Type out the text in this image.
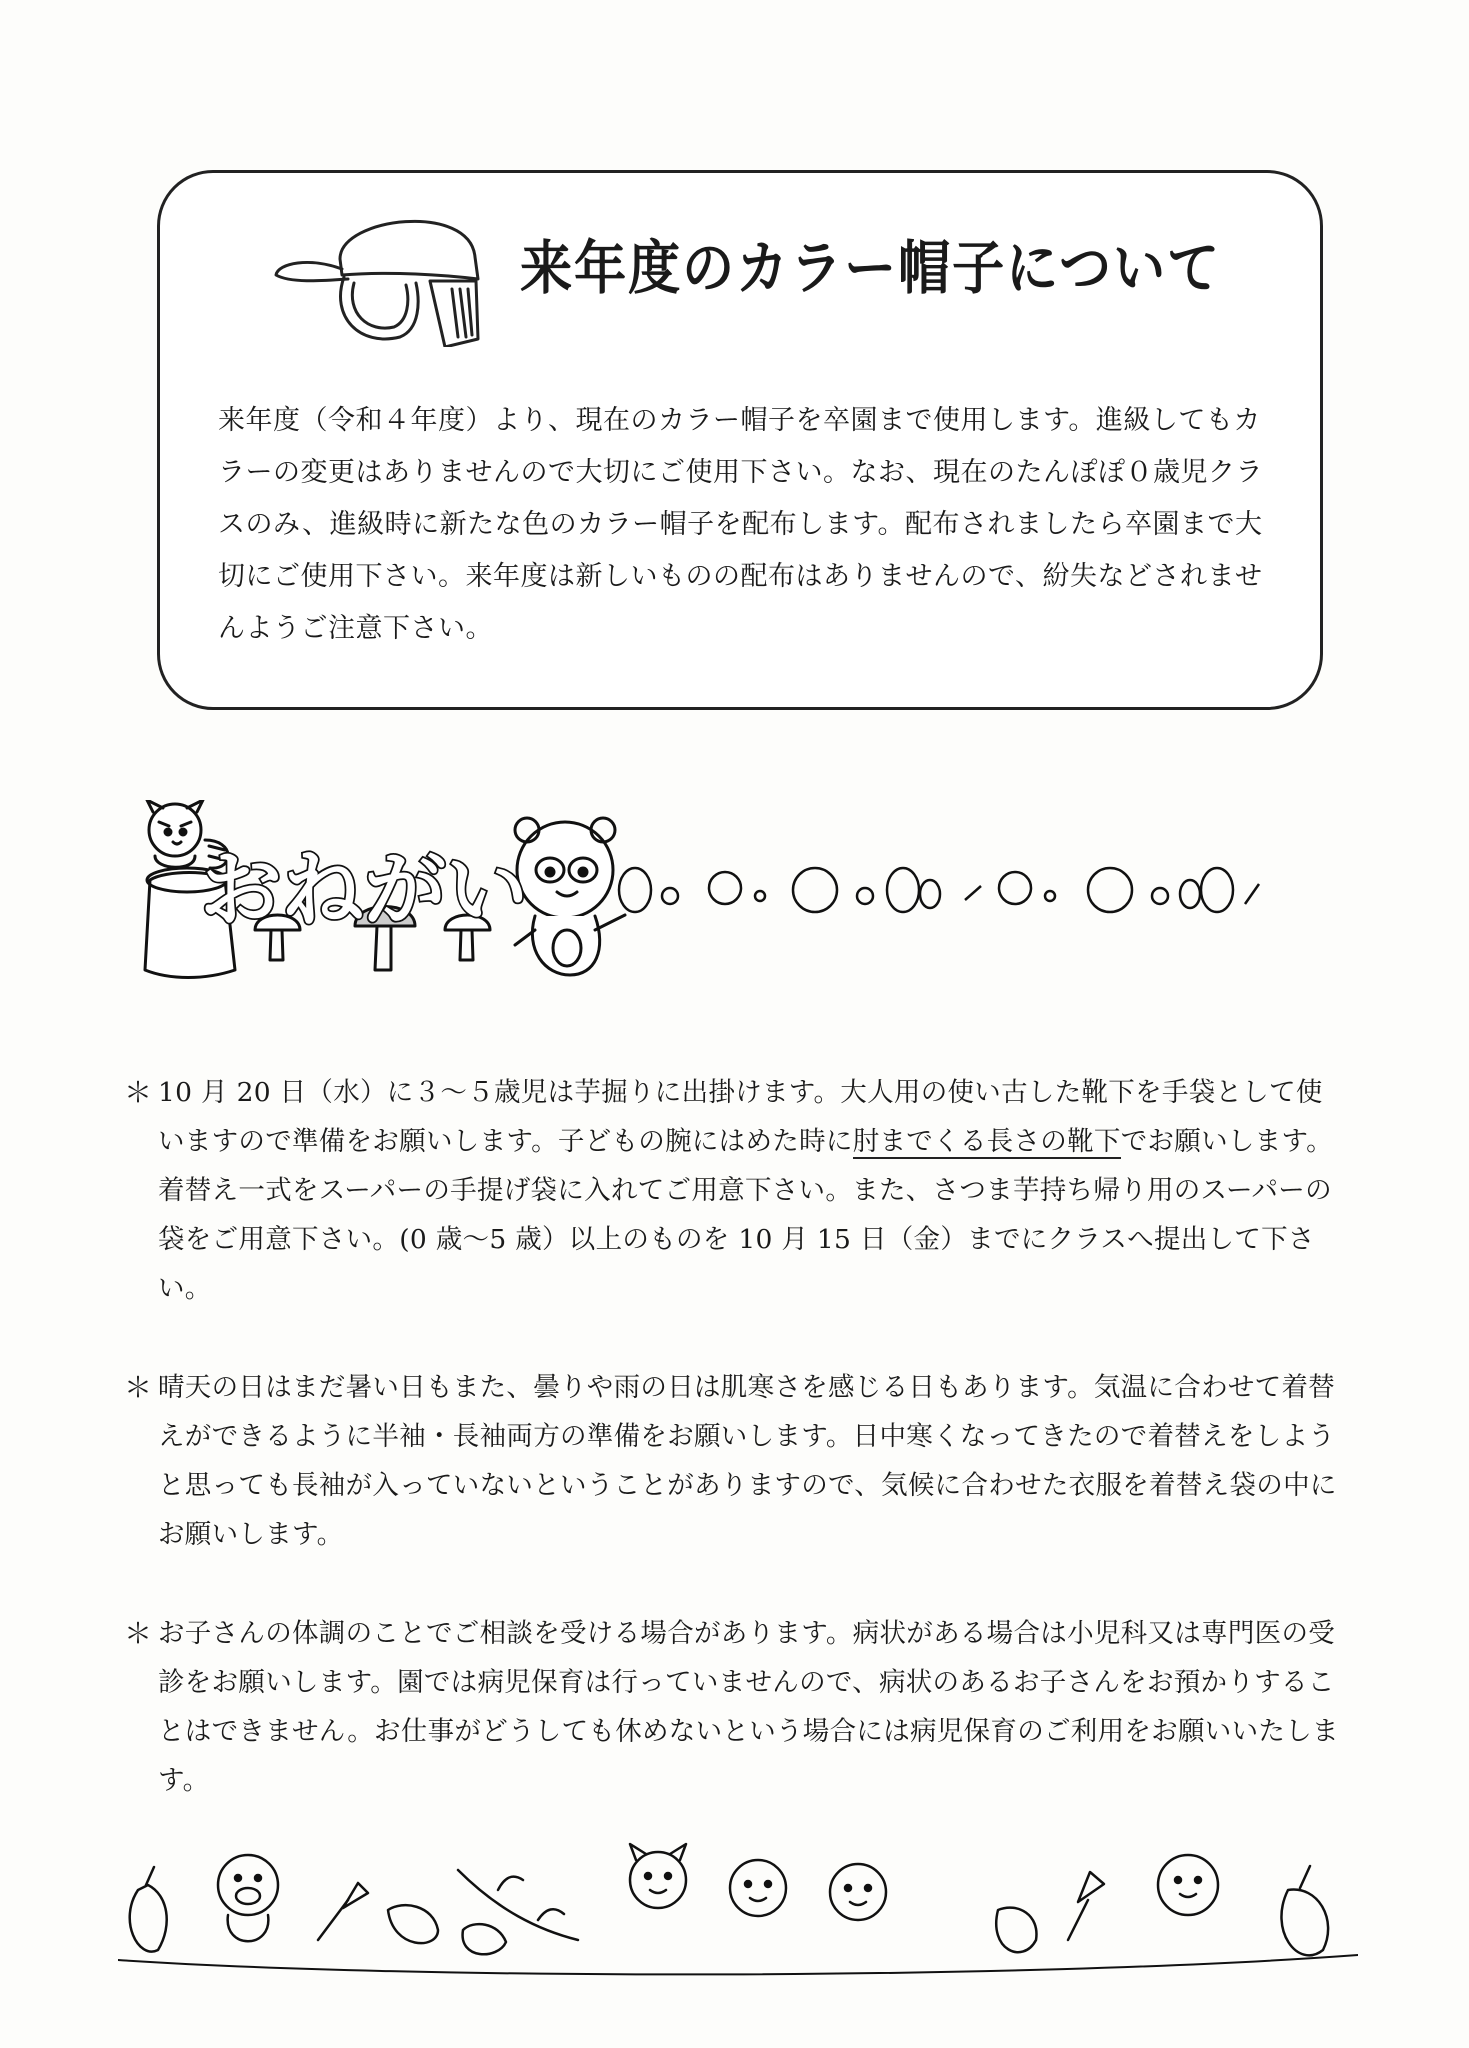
来年度のカラー帽子について

来年度（令和４年度）より、現在のカラー帽子を卒園まで使用します。進級してもカラーの変更はありませんので大切にご使用下さい。なお、現在のたんぽぽ０歳児クラスのみ、進級時に新たな色のカラー帽子を配布します。配布されましたら卒園まで大切にご使用下さい。来年度は新しいものの配布はありませんので、紛失などされませんようご注意下さい。

おねがい
＊ 10 月 20 日（水）に３～５歳児は芋掘りに出掛けます。大人用の使い古した靴下を手袋として使いますので準備をお願いします。子どもの腕にはめた時に肘までくる長さの靴下でお願いします。着替え一式をスーパーの手提げ袋に入れてご用意下さい。また、さつま芋持ち帰り用のスーパーの袋をご用意下さい。(0 歳～5 歳）以上のものを 10 月 15 日（金）までにクラスへ提出して下さい。
＊ 晴天の日はまだ暑い日もまた、曇りや雨の日は肌寒さを感じる日もあります。気温に合わせて着替えができるように半袖・長袖両方の準備をお願いします。日中寒くなってきたので着替えをしようと思っても長袖が入っていないということがありますので、気候に合わせた衣服を着替え袋の中にお願いします。
＊ お子さんの体調のことでご相談を受ける場合があります。病状がある場合は小児科又は専門医の受診をお願いします。園では病児保育は行っていませんので、病状のあるお子さんをお預かりすることはできません。お仕事がどうしても休めないという場合には病児保育のご利用をお願いいたします。
